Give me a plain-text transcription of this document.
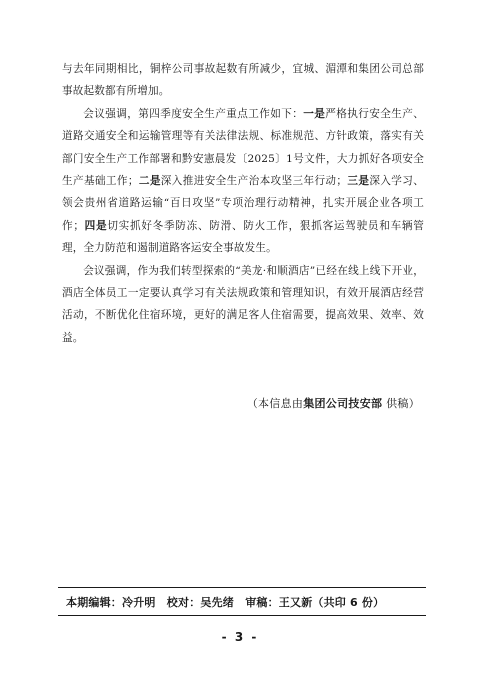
与去年同期相比，铜梓公司事故起数有所减少，宜城、湄潭和集团公司总部事故起数都有所增加。

会议强调，第四季度安全生产重点工作如下：一是严格执行安全生产、道路交通安全和运输管理等有关法律法规、标准规范、方针政策，落实有关部门安全生产工作部署和黔安憲晨发〔2025〕1号文件，大力抓好各项安全生产基础工作；二是深入推进安全生产治本攻坚三年行动；三是深入学习、领会贵州省道路运输“百日攻坚”专项治理行动精神，扎实开展企业各项工作；四是切实抓好冬季防冻、防滑、防火工作，狠抓客运驾驶员和车辆管理，全力防范和遏制道路客运安全事故发生。

会议强调，作为我们转型探索的“美龙·和顺酒店”已经在线上线下开业，酒店全体员工一定要认真学习有关法规政策和管理知识，有效开展酒店经营活动，不断优化住宿环境，更好的满足客人住宿需要，提高效果、效率、效益。

（本信息由集团公司技安部 供稿）
本期编辑：冷升明　校对：吴先绪　审稿：王又新（共印 6 份）
- 3 -
